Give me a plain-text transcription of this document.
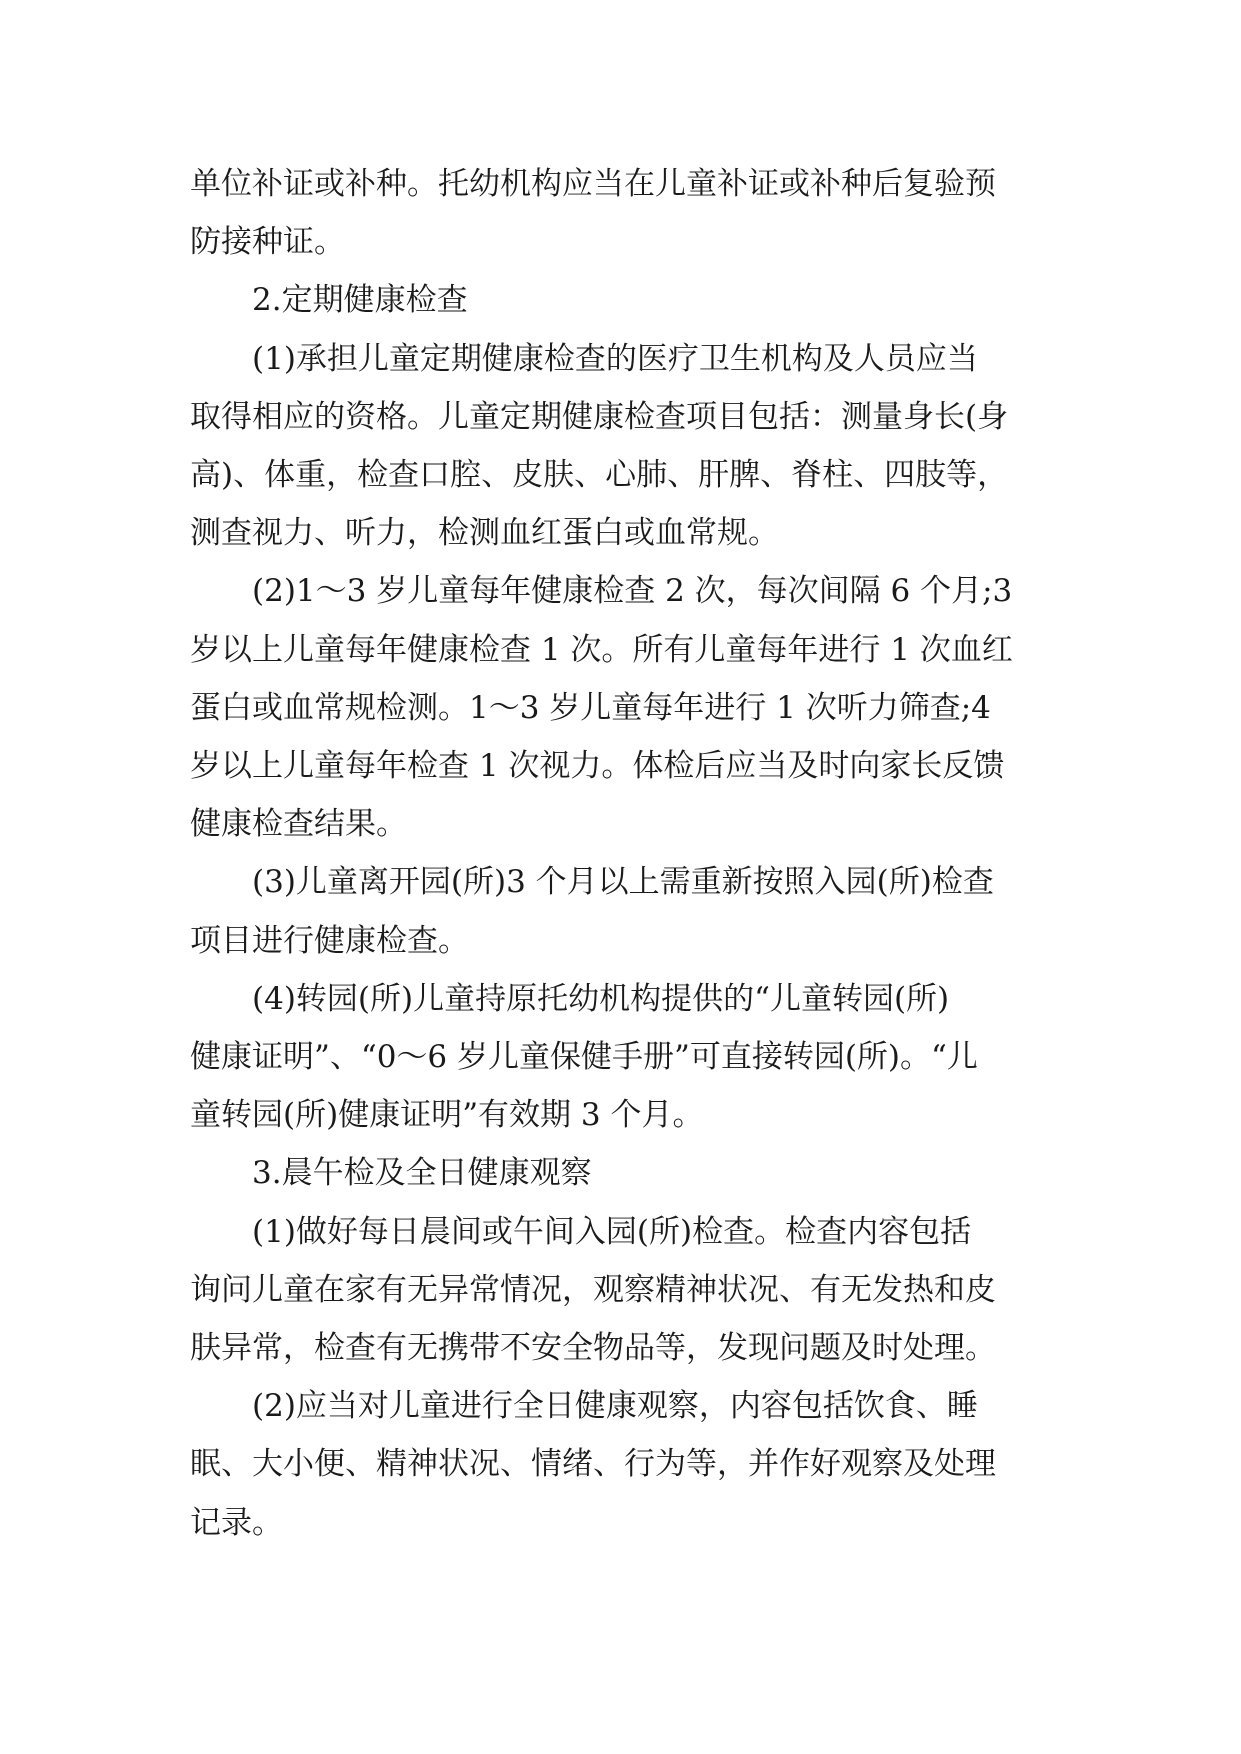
单位补证或补种。托幼机构应当在儿童补证或补种后复验预
防接种证。
2.定期健康检查
(1)承担儿童定期健康检查的医疗卫生机构及人员应当
取得相应的资格。儿童定期健康检查项目包括：测量身长(身
高)、体重，检查口腔、皮肤、心肺、肝脾、脊柱、四肢等，
测查视力、听力，检测血红蛋白或血常规。
(2)1～3 岁儿童每年健康检查 2 次，每次间隔 6 个月;3
岁以上儿童每年健康检查 1 次。所有儿童每年进行 1 次血红
蛋白或血常规检测。1～3 岁儿童每年进行 1 次听力筛查;4
岁以上儿童每年检查 1 次视力。体检后应当及时向家长反馈
健康检查结果。
(3)儿童离开园(所)3 个月以上需重新按照入园(所)检查
项目进行健康检查。
(4)转园(所)儿童持原托幼机构提供的“儿童转园(所)
健康证明”、“0～6 岁儿童保健手册”可直接转园(所)。“儿
童转园(所)健康证明”有效期 3 个月。
3.晨午检及全日健康观察
(1)做好每日晨间或午间入园(所)检查。检查内容包括
询问儿童在家有无异常情况，观察精神状况、有无发热和皮
肤异常，检查有无携带不安全物品等，发现问题及时处理。
(2)应当对儿童进行全日健康观察，内容包括饮食、睡
眠、大小便、精神状况、情绪、行为等，并作好观察及处理
记录。
